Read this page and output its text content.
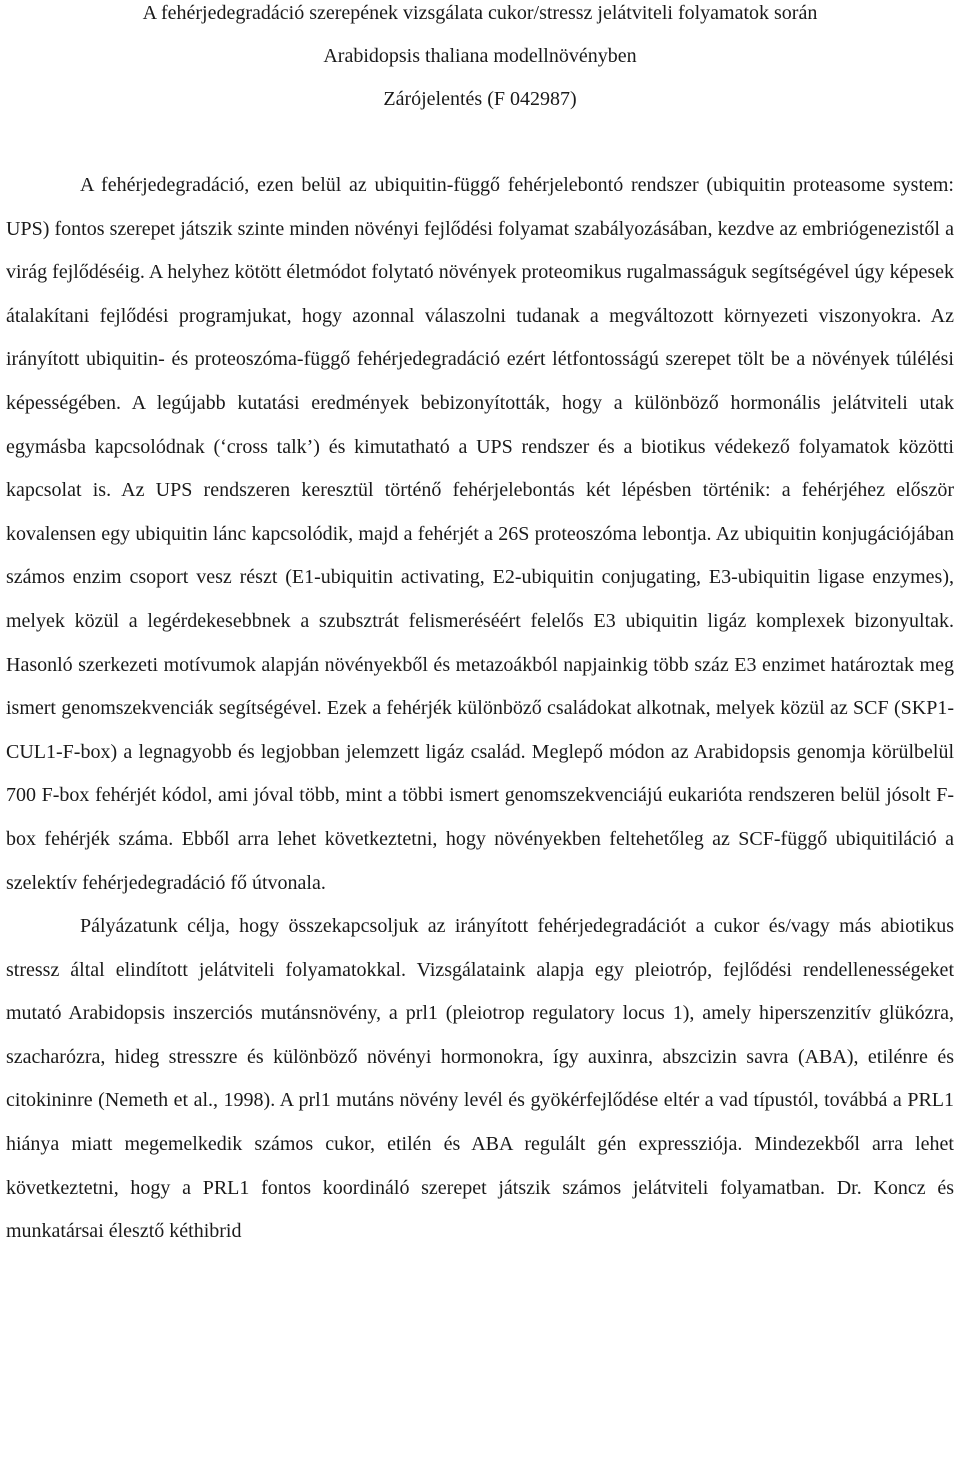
A fehérjedegradáció szerepének vizsgálata cukor/stressz jelátviteli folyamatok során
Arabidopsis thaliana modellnövényben
Zárójelentés (F 042987)

A fehérjedegradáció, ezen belül az ubiquitin-függő fehérjelebontó rendszer (ubiquitin proteasome system: UPS) fontos szerepet játszik szinte minden növényi fejlődési folyamat szabályozásában, kezdve az embriógenezistől a virág fejlődéséig. A helyhez kötött életmódot folytató növények proteomikus rugalmasságuk segítségével úgy képesek átalakítani fejlődési programjukat, hogy azonnal válaszolni tudanak a megváltozott környezeti viszonyokra. Az irányított ubiquitin- és proteoszóma-függő fehérjedegradáció ezért létfontosságú szerepet tölt be a növények túlélési képességében. A legújabb kutatási eredmények bebizonyították, hogy a különböző hormonális jelátviteli utak egymásba kapcsolódnak (‘cross talk’) és kimutatható a UPS rendszer és a biotikus védekező folyamatok közötti kapcsolat is. Az UPS rendszeren keresztül történő fehérjelebontás két lépésben történik: a fehérjéhez először kovalensen egy ubiquitin lánc kapcsolódik, majd a fehérjét a 26S proteoszóma lebontja. Az ubiquitin konjugációjában számos enzim csoport vesz részt (E1-ubiquitin activating, E2-ubiquitin conjugating, E3-ubiquitin ligase enzymes), melyek közül a legérdekesebbnek a szubsztrát felismeréséért felelős E3 ubiquitin ligáz komplexek bizonyultak. Hasonló szerkezeti motívumok alapján növényekből és metazoákból napjainkig több száz E3 enzimet határoztak meg ismert genomszekvenciák segítségével. Ezek a fehérjék különböző családokat alkotnak, melyek közül az SCF (SKP1-CUL1-F-box) a legnagyobb és legjobban jelemzett ligáz család. Meglepő módon az Arabidopsis genomja körülbelül 700 F-box fehérjét kódol, ami jóval több, mint a többi ismert genomszekvenciájú eukarióta rendszeren belül jósolt F-box fehérjék száma. Ebből arra lehet következtetni, hogy növényekben feltehetőleg az SCF-függő ubiquitiláció a szelektív fehérjedegradáció fő útvonala.

Pályázatunk célja, hogy összekapcsoljuk az irányított fehérjedegradációt a cukor és/vagy más abiotikus stressz által elindított jelátviteli folyamatokkal. Vizsgálataink alapja egy pleiotróp, fejlődési rendellenességeket mutató Arabidopsis inszerciós mutánsnövény, a prl1 (pleiotrop regulatory locus 1), amely hiperszenzitív glükózra, szacharózra, hideg stresszre és különböző növényi hormonokra, így auxinra, abszcizin savra (ABA), etilénre és citokininre (Nemeth et al., 1998). A prl1 mutáns növény levél és gyökérfejlődése eltér a vad típustól, továbbá a PRL1 hiánya miatt megemelkedik számos cukor, etilén és ABA regulált gén expressziója. Mindezekből arra lehet következtetni, hogy a PRL1 fontos koordináló szerepet játszik számos jelátviteli folyamatban. Dr. Koncz és munkatársai élesztő kéthibrid
